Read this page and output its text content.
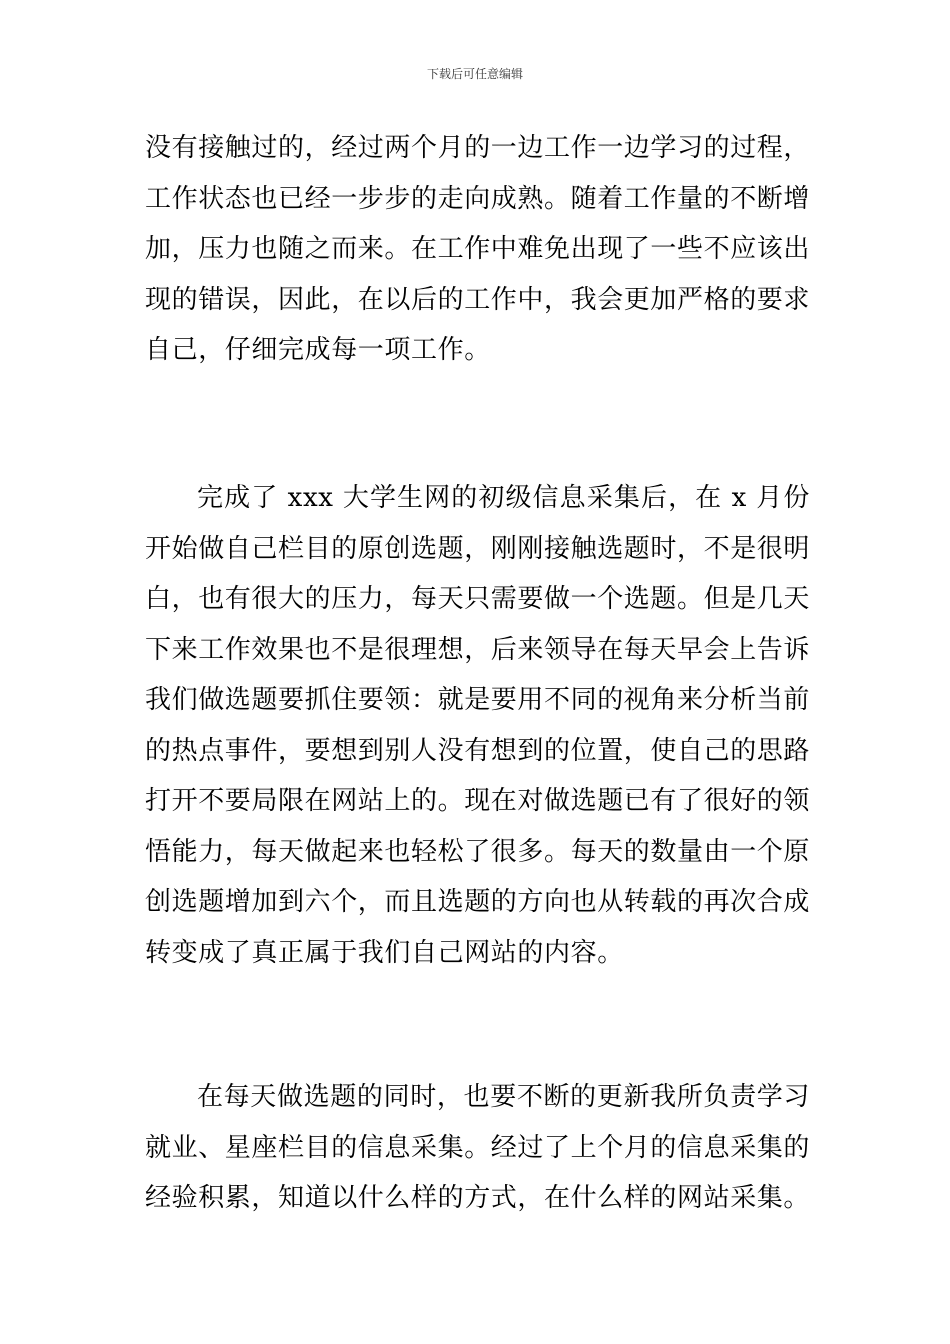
下载后可任意编辑

没有接触过的，经过两个月的一边工作一边学习的过程，工作状态也已经一步步的走向成熟。随着工作量的不断增加，压力也随之而来。在工作中难免出现了一些不应该出现的错误，因此，在以后的工作中，我会更加严格的要求自己，仔细完成每一项工作。

完成了 xxx 大学生网的初级信息采集后，在 x 月份开始做自己栏目的原创选题，刚刚接触选题时，不是很明白，也有很大的压力，每天只需要做一个选题。但是几天下来工作效果也不是很理想，后来领导在每天早会上告诉我们做选题要抓住要领：就是要用不同的视角来分析当前的热点事件，要想到别人没有想到的位置，使自己的思路打开不要局限在网站上的。现在对做选题已有了很好的领悟能力，每天做起来也轻松了很多。每天的数量由一个原创选题增加到六个，而且选题的方向也从转载的再次合成转变成了真正属于我们自己网站的内容。

在每天做选题的同时，也要不断的更新我所负责学习就业、星座栏目的信息采集。经过了上个月的信息采集的经验积累，知道以什么样的方式，在什么样的网站采集。
